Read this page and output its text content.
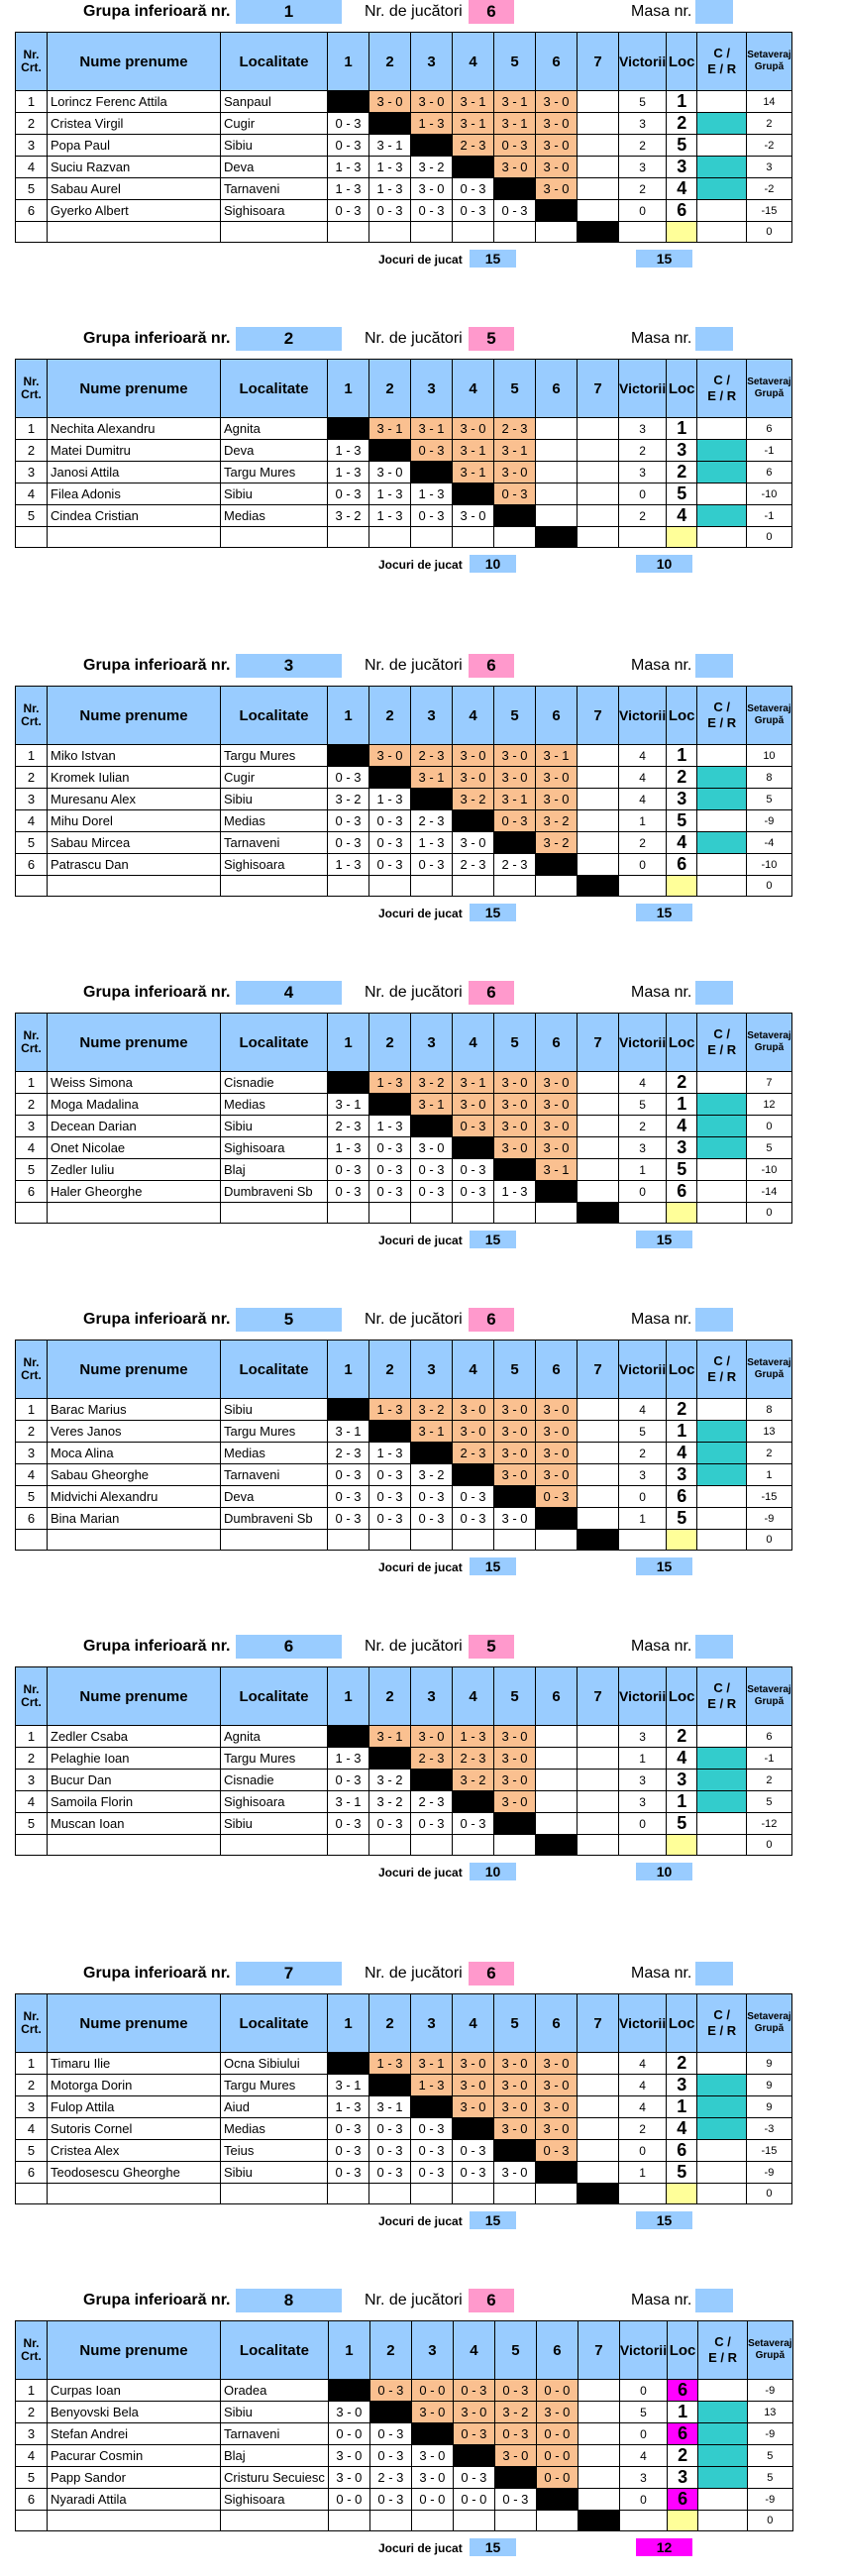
Grupa inferioară nr.	1	Nr. de jucători	6	Masa nr.
Nr.
Crt.	Nume prenume	Localitate	1	2	3	4	5	6	7	Victorii	Loc	C /
E / R	Setaveraj
Grupă
1	Lorincz Ferenc Attila	Sanpaul		3 - 0	3 - 0	3 - 1	3 - 1	3 - 0		5	1		14
2	Cristea Virgil	Cugir	0 - 3		1 - 3	3 - 1	3 - 1	3 - 0		3	2		2
3	Popa Paul	Sibiu	0 - 3	3 - 1		2 - 3	0 - 3	3 - 0		2	5		-2
4	Suciu Razvan	Deva	1 - 3	1 - 3	3 - 2		3 - 0	3 - 0		3	3		3
5	Sabau Aurel	Tarnaveni	1 - 3	1 - 3	3 - 0	0 - 3		3 - 0		2	4		-2
6	Gyerko Albert	Sighisoara	0 - 3	0 - 3	0 - 3	0 - 3	0 - 3			0	6		-15
													0
Jocuri de jucat	15	15
Grupa inferioară nr.	2	Nr. de jucători	5	Masa nr.
Nr.
Crt.	Nume prenume	Localitate	1	2	3	4	5	6	7	Victorii	Loc	C /
E / R	Setaveraj
Grupă
1	Nechita Alexandru	Agnita		3 - 1	3 - 1	3 - 0	2 - 3			3	1		6
2	Matei Dumitru	Deva	1 - 3		0 - 3	3 - 1	3 - 1			2	3		-1
3	Janosi Attila	Targu Mures	1 - 3	3 - 0		3 - 1	3 - 0			3	2		6
4	Filea Adonis	Sibiu	0 - 3	1 - 3	1 - 3		0 - 3			0	5		-10
5	Cindea Cristian	Medias	3 - 2	1 - 3	0 - 3	3 - 0				2	4		-1
													0
Jocuri de jucat	10	10
Grupa inferioară nr.	3	Nr. de jucători	6	Masa nr.
Nr.
Crt.	Nume prenume	Localitate	1	2	3	4	5	6	7	Victorii	Loc	C /
E / R	Setaveraj
Grupă
1	Miko Istvan	Targu Mures		3 - 0	2 - 3	3 - 0	3 - 0	3 - 1		4	1		10
2	Kromek Iulian	Cugir	0 - 3		3 - 1	3 - 0	3 - 0	3 - 0		4	2		8
3	Muresanu Alex	Sibiu	3 - 2	1 - 3		3 - 2	3 - 1	3 - 0		4	3		5
4	Mihu Dorel	Medias	0 - 3	0 - 3	2 - 3		0 - 3	3 - 2		1	5		-9
5	Sabau Mircea	Tarnaveni	0 - 3	0 - 3	1 - 3	3 - 0		3 - 2		2	4		-4
6	Patrascu Dan	Sighisoara	1 - 3	0 - 3	0 - 3	2 - 3	2 - 3			0	6		-10
													0
Jocuri de jucat	15	15
Grupa inferioară nr.	4	Nr. de jucători	6	Masa nr.
Nr.
Crt.	Nume prenume	Localitate	1	2	3	4	5	6	7	Victorii	Loc	C /
E / R	Setaveraj
Grupă
1	Weiss Simona	Cisnadie		1 - 3	3 - 2	3 - 1	3 - 0	3 - 0		4	2		7
2	Moga Madalina	Medias	3 - 1		3 - 1	3 - 0	3 - 0	3 - 0		5	1		12
3	Decean Darian	Sibiu	2 - 3	1 - 3		0 - 3	3 - 0	3 - 0		2	4		0
4	Onet Nicolae	Sighisoara	1 - 3	0 - 3	3 - 0		3 - 0	3 - 0		3	3		5
5	Zedler Iuliu	Blaj	0 - 3	0 - 3	0 - 3	0 - 3		3 - 1		1	5		-10
6	Haler Gheorghe	Dumbraveni Sb	0 - 3	0 - 3	0 - 3	0 - 3	1 - 3			0	6		-14
													0
Jocuri de jucat	15	15
Grupa inferioară nr.	5	Nr. de jucători	6	Masa nr.
Nr.
Crt.	Nume prenume	Localitate	1	2	3	4	5	6	7	Victorii	Loc	C /
E / R	Setaveraj
Grupă
1	Barac Marius	Sibiu		1 - 3	3 - 2	3 - 0	3 - 0	3 - 0		4	2		8
2	Veres Janos	Targu Mures	3 - 1		3 - 1	3 - 0	3 - 0	3 - 0		5	1		13
3	Moca Alina	Medias	2 - 3	1 - 3		2 - 3	3 - 0	3 - 0		2	4		2
4	Sabau Gheorghe	Tarnaveni	0 - 3	0 - 3	3 - 2		3 - 0	3 - 0		3	3		1
5	Midvichi Alexandru	Deva	0 - 3	0 - 3	0 - 3	0 - 3		0 - 3		0	6		-15
6	Bina Marian	Dumbraveni Sb	0 - 3	0 - 3	0 - 3	0 - 3	3 - 0			1	5		-9
													0
Jocuri de jucat	15	15
Grupa inferioară nr.	6	Nr. de jucători	5	Masa nr.
Nr.
Crt.	Nume prenume	Localitate	1	2	3	4	5	6	7	Victorii	Loc	C /
E / R	Setaveraj
Grupă
1	Zedler Csaba	Agnita		3 - 1	3 - 0	1 - 3	3 - 0			3	2		6
2	Pelaghie Ioan	Targu Mures	1 - 3		2 - 3	2 - 3	3 - 0			1	4		-1
3	Bucur Dan	Cisnadie	0 - 3	3 - 2		3 - 2	3 - 0			3	3		2
4	Samoila Florin	Sighisoara	3 - 1	3 - 2	2 - 3		3 - 0			3	1		5
5	Muscan Ioan	Sibiu	0 - 3	0 - 3	0 - 3	0 - 3				0	5		-12
													0
Jocuri de jucat	10	10
Grupa inferioară nr.	7	Nr. de jucători	6	Masa nr.
Nr.
Crt.	Nume prenume	Localitate	1	2	3	4	5	6	7	Victorii	Loc	C /
E / R	Setaveraj
Grupă
1	Timaru Ilie	Ocna Sibiului		1 - 3	3 - 1	3 - 0	3 - 0	3 - 0		4	2		9
2	Motorga Dorin	Targu Mures	3 - 1		1 - 3	3 - 0	3 - 0	3 - 0		4	3		9
3	Fulop Attila	Aiud	1 - 3	3 - 1		3 - 0	3 - 0	3 - 0		4	1		9
4	Sutoris Cornel	Medias	0 - 3	0 - 3	0 - 3		3 - 0	3 - 0		2	4		-3
5	Cristea Alex	Teius	0 - 3	0 - 3	0 - 3	0 - 3		0 - 3		0	6		-15
6	Teodosescu Gheorghe	Sibiu	0 - 3	0 - 3	0 - 3	0 - 3	3 - 0			1	5		-9
													0
Jocuri de jucat	15	15
Grupa inferioară nr.	8	Nr. de jucători	6	Masa nr.
Nr.
Crt.	Nume prenume	Localitate	1	2	3	4	5	6	7	Victorii	Loc	C /
E / R	Setaveraj
Grupă
1	Curpas Ioan	Oradea		0 - 3	0 - 0	0 - 3	0 - 3	0 - 0		0	6		-9
2	Benyovski Bela	Sibiu	3 - 0		3 - 0	3 - 0	3 - 2	3 - 0		5	1		13
3	Stefan Andrei	Tarnaveni	0 - 0	0 - 3		0 - 3	0 - 3	0 - 0		0	6		-9
4	Pacurar Cosmin	Blaj	3 - 0	0 - 3	3 - 0		3 - 0	0 - 0		4	2		5
5	Papp Sandor	Cristuru Secuiesc	3 - 0	2 - 3	3 - 0	0 - 3		0 - 0		3	3		5
6	Nyaradi Attila	Sighisoara	0 - 0	0 - 3	0 - 0	0 - 0	0 - 3			0	6		-9
													0
Jocuri de jucat	15	12
